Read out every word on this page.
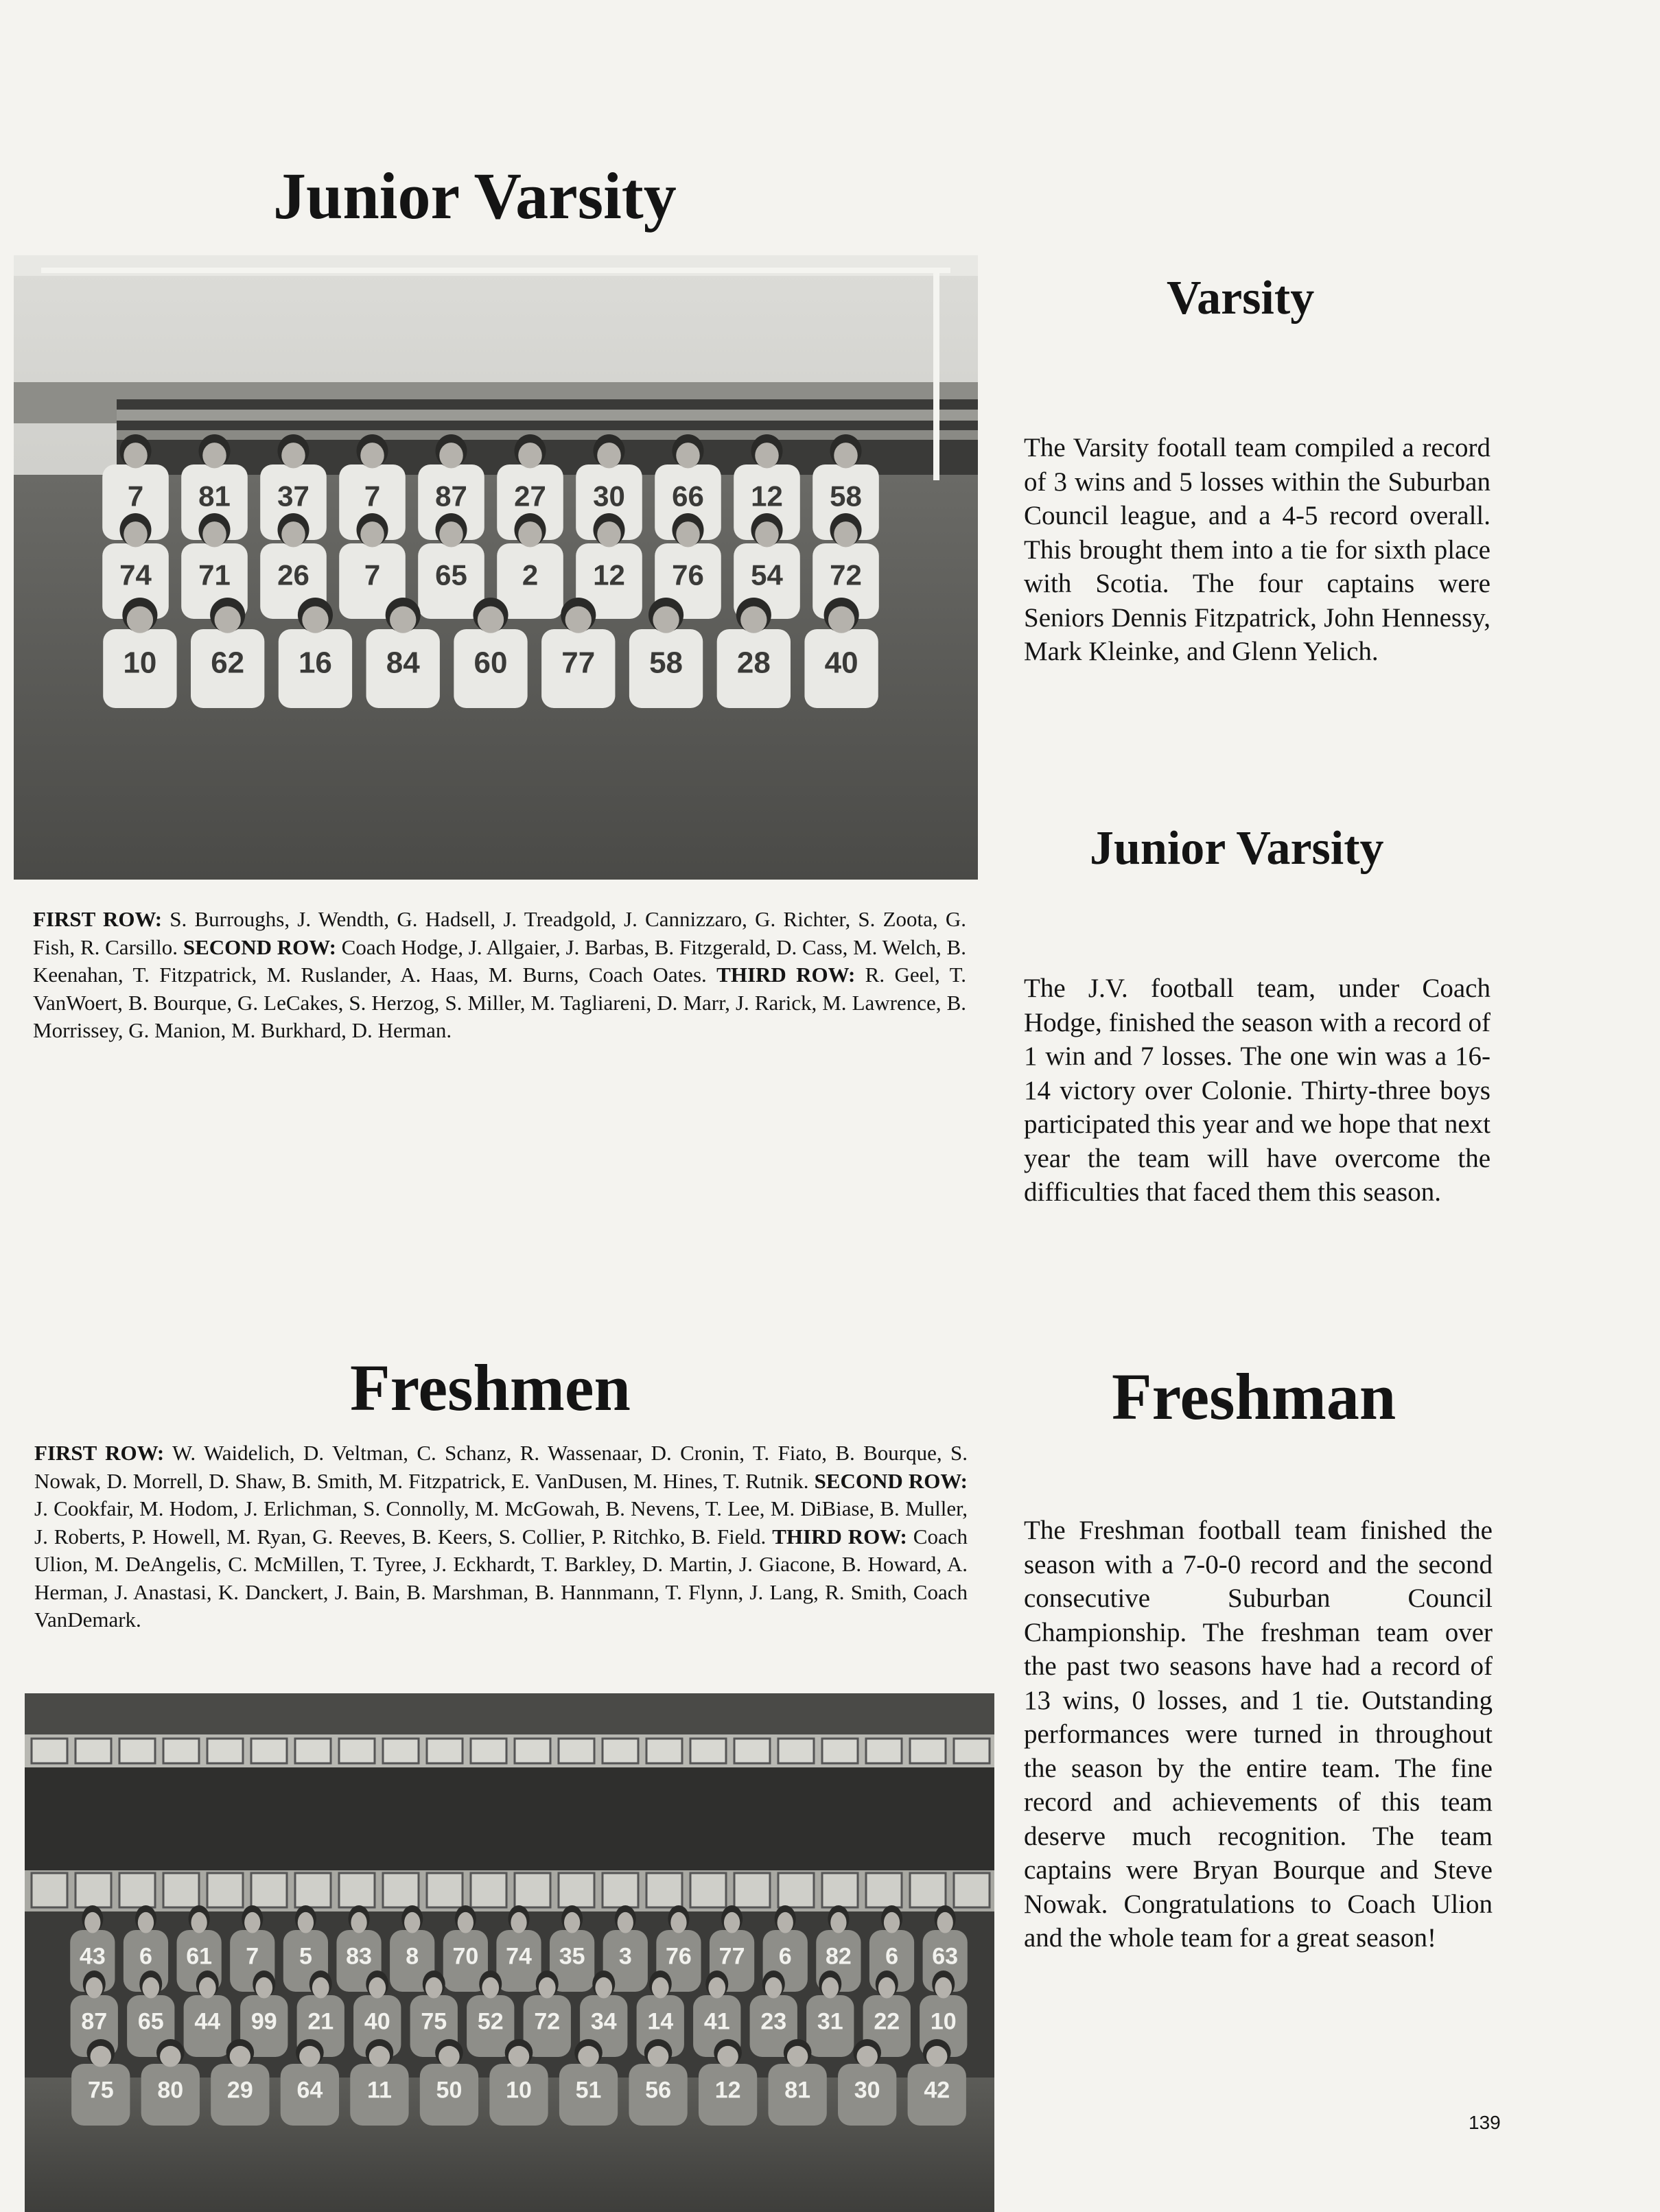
Junior Varsity
Varsity
Junior Varsity
Freshmen	Freshman
7 81 37 7 87 27 30 66 12 58
74 71 26 7 65 2 12 76 54 72
10 62 16 84 60 77 58 28 40

FIRST ROW: S. Burroughs, J. Wendth, G. Hadsell, J. Treadgold, J. Cannizzaro, G. Richter, S. Zoota, G. Fish, R. Carsillo. SECOND ROW: Coach Hodge, J. Allgaier, J. Barbas, B. Fitzgerald, D. Cass, M. Welch, B. Keenahan, T. Fitzpatrick, M. Ruslander, A. Haas, M. Burns, Coach Oates. THIRD ROW: R. Geel, T. VanWoert, B. Bourque, G. LeCakes, S. Herzog, S. Miller, M. Tagliareni, D. Marr, J. Rarick, M. Lawrence, B. Morrissey, G. Manion, M. Burkhard, D. Herman.

The Varsity footall team compiled a record of 3 wins and 5 losses within the Suburban Council league, and a 4-5 record overall. This brought them into a tie for sixth place with Scotia. The four captains were Seniors Dennis Fitzpatrick, John Hennessy, Mark Kleinke, and Glenn Yelich.

The J.V. football team, under Coach Hodge, finished the season with a record of 1 win and 7 losses. The one win was a 16-14 victory over Colonie. Thirty-three boys participated this year and we hope that next year the team will have overcome the difficulties that faced them this season.

The Freshman football team finished the season with a 7-0-0 record and the second consecutive Suburban Council Championship. The freshman team over the past two seasons have had a record of 13 wins, 0 losses, and 1 tie. Outstanding performances were turned in throughout the season by the entire team. The fine record and achievements of this team deserve much recognition. The team captains were Bryan Bourque and Steve Nowak. Congratulations to Coach Ulion and the whole team for a great season!

FIRST ROW: W. Waidelich, D. Veltman, C. Schanz, R. Wassenaar, D. Cronin, T. Fiato, B. Bourque, S. Nowak, D. Morrell, D. Shaw, B. Smith, M. Fitzpatrick, E. VanDusen, M. Hines, T. Rutnik. SECOND ROW: J. Cookfair, M. Hodom, J. Erlichman, S. Connolly, M. McGowah, B. Nevens, T. Lee, M. DiBiase, B. Muller, J. Roberts, P. Howell, M. Ryan, G. Reeves, B. Keers, S. Collier, P. Ritchko, B. Field. THIRD ROW: Coach Ulion, M. DeAngelis, C. McMillen, T. Tyree, J. Eckhardt, T. Barkley, D. Martin, J. Giacone, B. Howard, A. Herman, J. Anastasi, K. Danckert, J. Bain, B. Marshman, B. Hannmann, T. Flynn, J. Lang, R. Smith, Coach VanDemark.

43 6 61 7 5 83 8 70 74 35 3 76 77 6 82 6 63
87 65 44 99 21 40 75 52 72 34 14 41 23 31 22 10
75 80 29 64 11 50 10 51 56 12 81 30 42
139
